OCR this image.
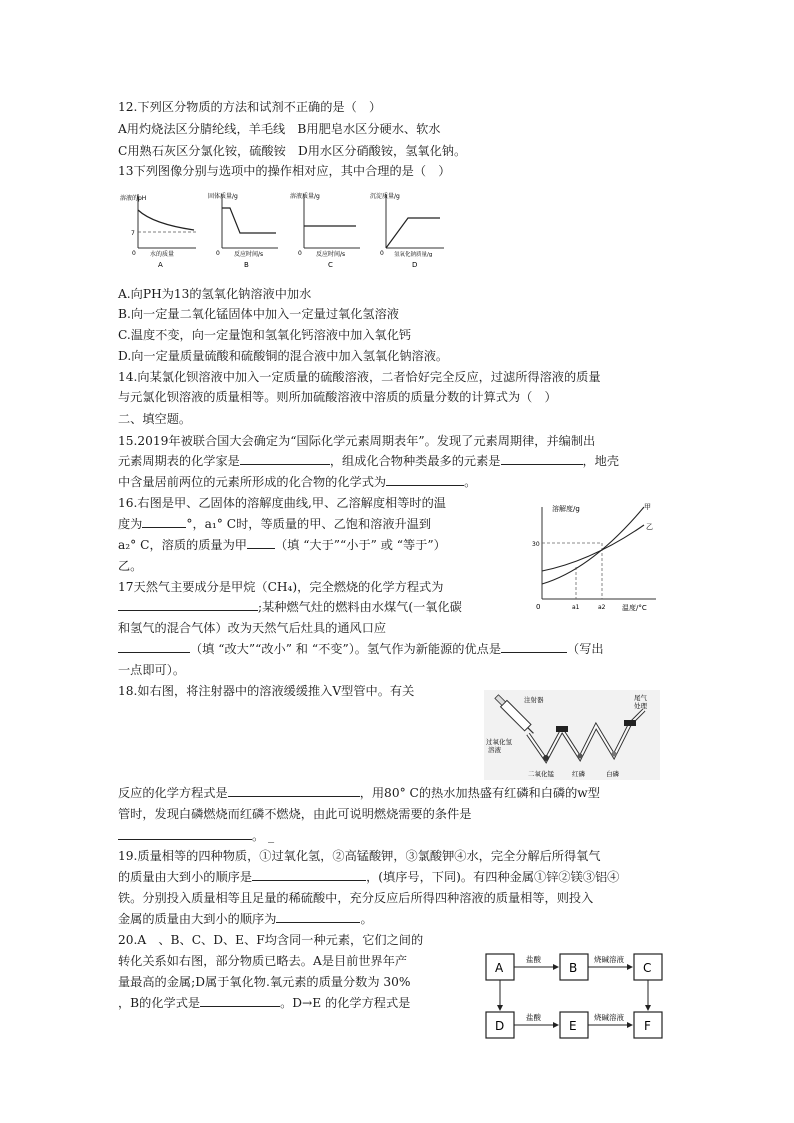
12.下列区分物质的方法和试剂不正确的是（　）
A用灼烧法区分腈纶线，羊毛线　B用肥皂水区分硬水、软水
C用熟石灰区分氯化铵，硫酸铵　D用水区分硝酸铵，氢氧化钠。
13下列图像分别与选项中的操作相对应，其中合理的是（　）
溶液的pH
7
0 水的质量
A
固体质量/g
0 反应时间/s
B
溶液质量/g
0 反应时间/s
C
沉淀质量/g
0 氢氧化钠质量/g
D
A.向PH为13的氢氧化钠溶液中加水
B.向一定量二氧化锰固体中加入一定量过氧化氢溶液
C.温度不变，向一定量饱和氢氧化钙溶液中加入氧化钙
D.向一定量质量硫酸和硫酸铜的混合液中加入氢氧化钠溶液。
14.向某氯化钡溶液中加入一定质量的硫酸溶液，二者恰好完全反应，过滤所得溶液的质量
与元氯化钡溶液的质量相等。则所加硫酸溶液中溶质的质量分数的计算式为（　）
二、填空题。
15.2019年被联合国大会确定为“国际化学元素周期表年”。发现了元素周期律，并编制出
元素周期表的化学家是	，组成化合物种类最多的元素是	，地壳
中含量居前两位的元素所形成的化合物的化学式为	。
16.右图是甲、乙固体的溶解度曲线,甲、乙溶解度相等时的温
度为	°，a₁° C时，等质量的甲、乙饱和溶液升温到
a₂° C，溶质的质量为甲 （填 “大于”“小于” 或 “等于”）
乙。
溶解度/g
30
0	a1	a2 温度/°C
甲
乙
17天然气主要成分是甲烷（CH₄)，完全燃烧的化学方程式为
;某种燃气灶的燃料由水煤气(一氧化碳
和氢气的混合气体）改为天然气后灶具的通风口应
（填 “改大”“改小” 和 “不变”）。氢气作为新能源的优点是	（写出
一点即可）。
18.如右图，将注射器中的溶液缓缓推入V型管中。有关
注射器	尾气
处理
过氧化氢
溶液
二氧化锰	红磷	白磷
反应的化学方程式是	，用80° C的热水加热盛有红磷和白磷的w型
管时，发现白磷燃烧而红磷不燃烧，由此可说明燃烧需要的条件是
。 _
19.质量相等的四种物质，①过氧化氢，②高锰酸钾，③氯酸钾④水，完全分解后所得氧气
的质量由大到小的顺序是	，(填序号，下同)。有四种金属①锌②镁③铝④
铁。分别投入质量相等且足量的稀硫酸中，充分反应后所得四种溶液的质量相等，则投入
金属的质量由大到小的顺序为	。
20.A　、B、C、D、E、F均含同一种元素，它们之间的
转化关系如右图，部分物质已略去。A是目前世界年产
量最高的金属;D属于氧化物.氧元素的质量分数为 30%
，B的化学式是	。D→E 的化学方程式是
A	B	C
D	E	F
盐酸	烧碱溶液
盐酸	烧碱溶液
